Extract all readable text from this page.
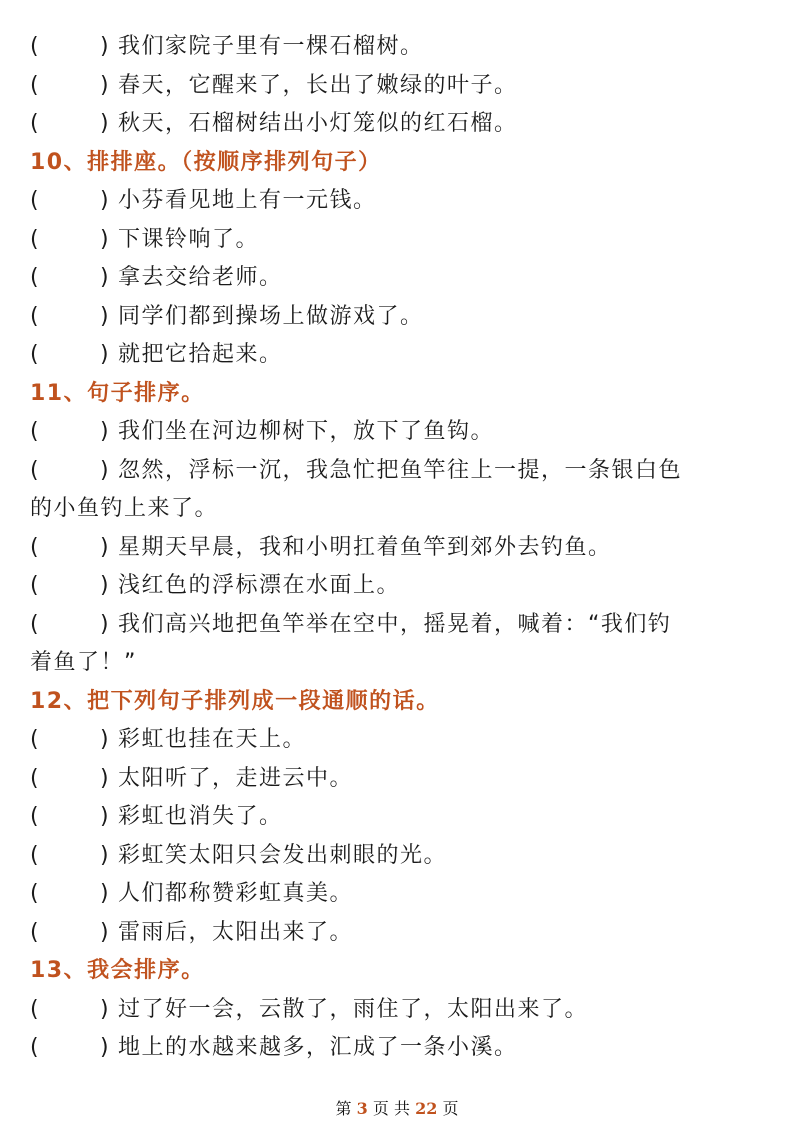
(	) 我们家院子里有一棵石榴树。
(	) 春天，它醒来了，长出了嫩绿的叶子。
(	) 秋天，石榴树结出小灯笼似的红石榴。
10、排排座。（按顺序排列句子）
(	) 小芬看见地上有一元钱。
(	) 下课铃响了。
(	) 拿去交给老师。
(	) 同学们都到操场上做游戏了。
(	) 就把它拾起来。
11、句子排序。
(	) 我们坐在河边柳树下，放下了鱼钩。
(	) 忽然，浮标一沉，我急忙把鱼竿往上一提，一条银白色
的小鱼钓上来了。
(	) 星期天早晨，我和小明扛着鱼竿到郊外去钓鱼。
(	) 浅红色的浮标漂在水面上。
(	) 我们高兴地把鱼竿举在空中，摇晃着，喊着：“我们钓
着鱼了！”
12、把下列句子排列成一段通顺的话。
(	) 彩虹也挂在天上。
(	) 太阳听了，走进云中。
(	) 彩虹也消失了。
(	) 彩虹笑太阳只会发出刺眼的光。
(	) 人们都称赞彩虹真美。
(	) 雷雨后，太阳出来了。
13、我会排序。
(	) 过了好一会，云散了，雨住了，太阳出来了。
(	) 地上的水越来越多，汇成了一条小溪。
第 3 页 共 22 页
